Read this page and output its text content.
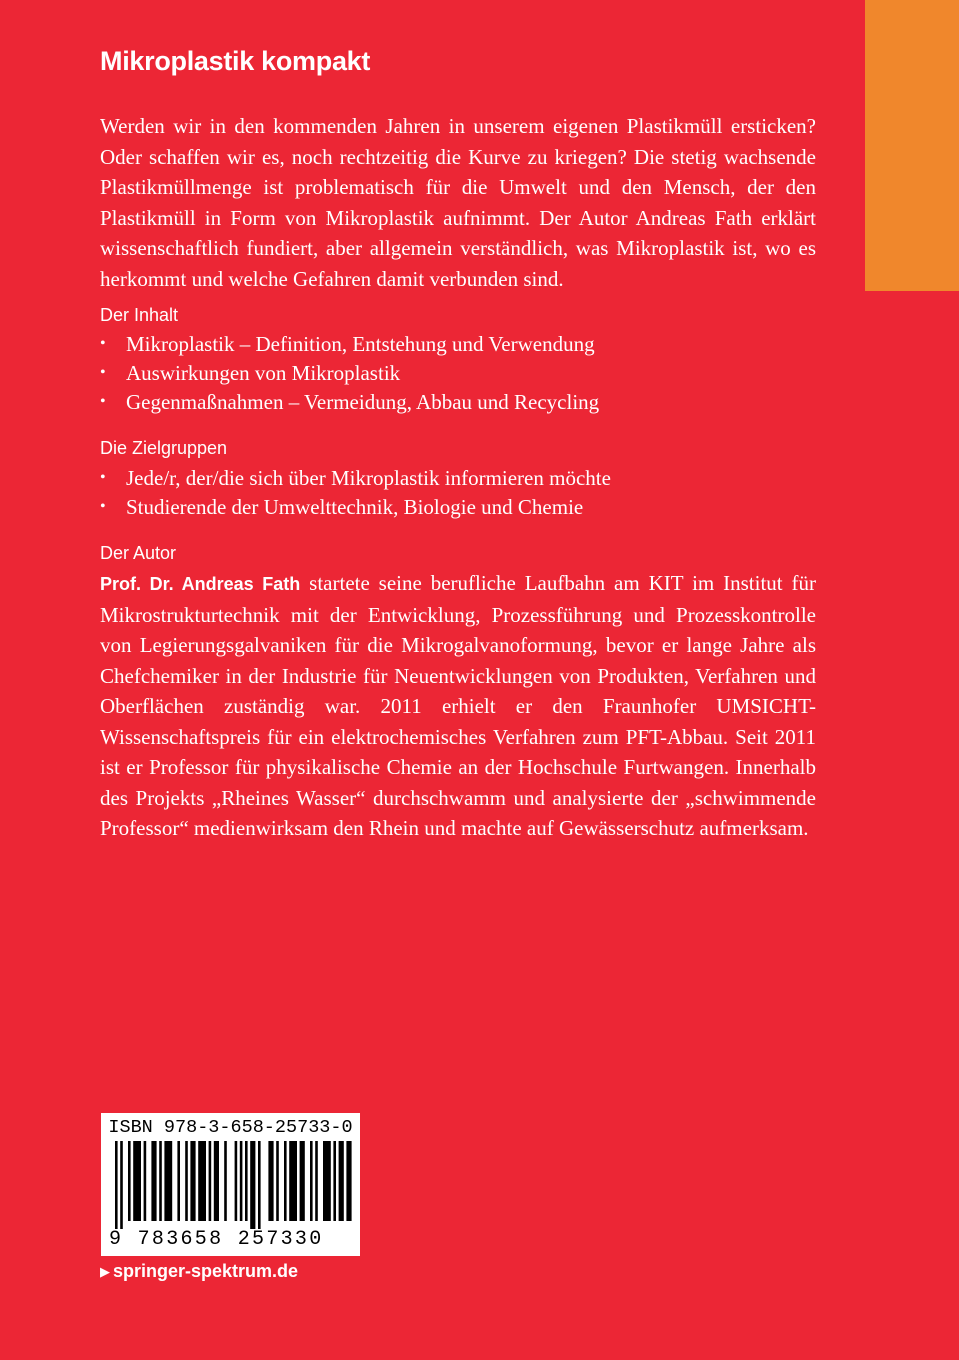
Mikroplastik kompakt
Werden wir in den kommenden Jahren in unserem eigenen Plastikmüll ersticken? Oder schaffen wir es, noch rechtzeitig die Kurve zu kriegen? Die stetig wachsende Plastikmüllmenge ist problematisch für die Umwelt und den Mensch, der den Plastikmüll in Form von Mikroplastik aufnimmt. Der Autor Andreas Fath erklärt wissenschaftlich fundiert, aber allgemein verständlich, was Mikroplastik ist, wo es herkommt und welche Gefahren damit verbunden sind.
Der Inhalt
• Mikroplastik – Definition, Entstehung und Verwendung
• Auswirkungen von Mikroplastik
• Gegenmaßnahmen – Vermeidung, Abbau und Recycling
Die Zielgruppen
• Jede/r, der/die sich über Mikroplastik informieren möchte
• Studierende der Umwelttechnik, Biologie und Chemie
Der Autor
Prof. Dr. Andreas Fath startete seine berufliche Laufbahn am KIT im Institut für Mikrostrukturtechnik mit der Entwicklung, Prozessführung und Prozesskontrolle von Legierungsgalvaniken für die Mikrogalvanoformung, bevor er lange Jahre als Chefchemiker in der Industrie für Neuentwicklungen von Produkten, Verfahren und Oberflächen zuständig war. 2011 erhielt er den Fraunhofer UMSICHT-Wissenschaftspreis für ein elektrochemisches Verfahren zum PFT-Abbau. Seit 2011 ist er Professor für physikalische Chemie an der Hochschule Furtwangen. Innerhalb des Projekts „Rheines Wasser“ durchschwamm und analysierte der „schwimmende Professor“ medienwirksam den Rhein und machte auf Gewässerschutz aufmerksam.
ISBN 978-3-658-25733-0
9 783658 257330
▶ springer-spektrum.de
